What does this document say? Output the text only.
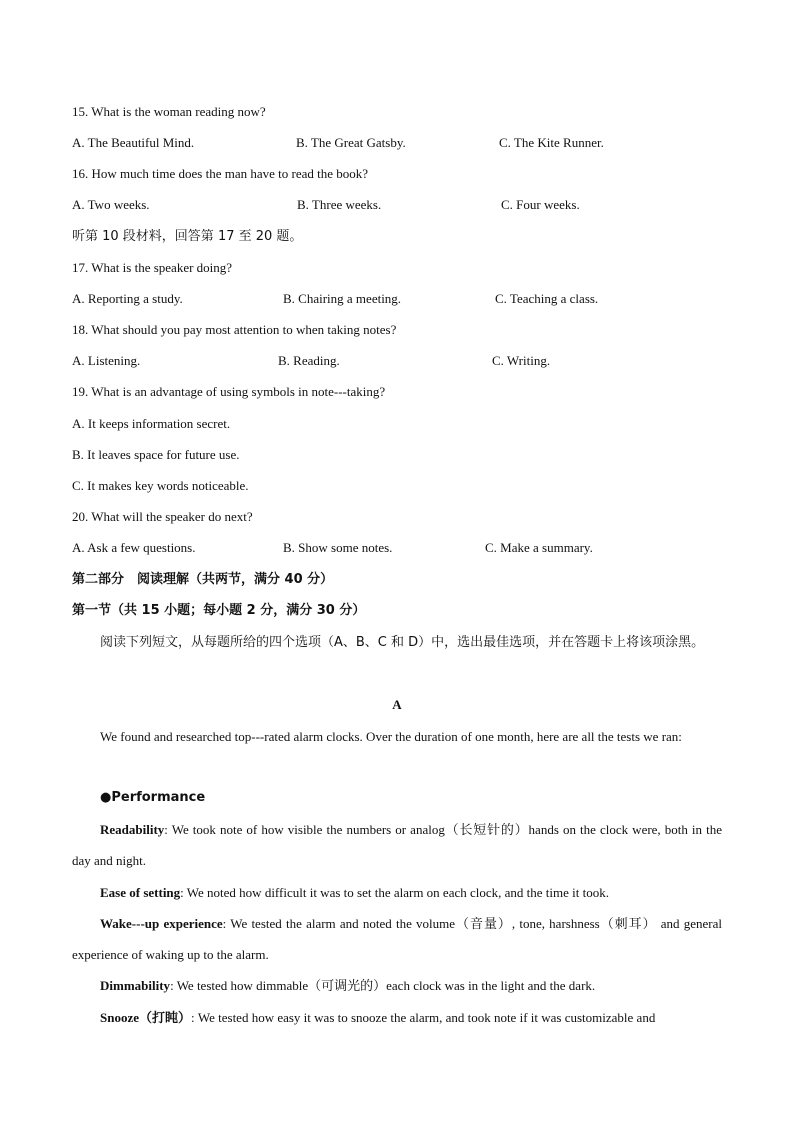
15. What is the woman reading now?
A. The Beautiful Mind.	B. The Great Gatsby.	C. The Kite Runner.
16. How much time does the man have to read the book?
A. Two weeks.	B. Three weeks.	C. Four weeks.
听第 10 段材料，回答第 17 至 20 题。
17. What is the speaker doing?
A. Reporting a study.	B. Chairing a meeting.	C. Teaching a class.
18. What should you pay most attention to when taking notes?
A. Listening.	B. Reading.	C. Writing.
19. What is an advantage of using symbols in note---taking?
A. It keeps information secret.
B. It leaves space for future use.
C. It makes key words noticeable.
20. What will the speaker do next?
A. Ask a few questions.	B. Show some notes.	C. Make a summary.
第二部分　阅读理解（共两节，满分 40 分）
第一节（共 15 小题；每小题 2 分，满分 30 分）
阅读下列短文，从每题所给的四个选项（A、B、C 和 D）中，选出最佳选项，并在答题卡上将该项涂黑。
A
We found and researched top---rated alarm clocks. Over the duration of one month, here are all the tests we ran:
●Performance
Readability: We took note of how visible the numbers or analog（长短针的）hands on the clock were, both in the day and night.
Ease of setting: We noted how difficult it was to set the alarm on each clock, and the time it took.
Wake---up experience: We tested the alarm and noted the volume（音量）, tone, harshness（刺耳） and general experience of waking up to the alarm.
Dimmability: We tested how dimmable（可调光的）each clock was in the light and the dark.
Snooze（打盹）: We tested how easy it was to snooze the alarm, and took note if it was customizable and
